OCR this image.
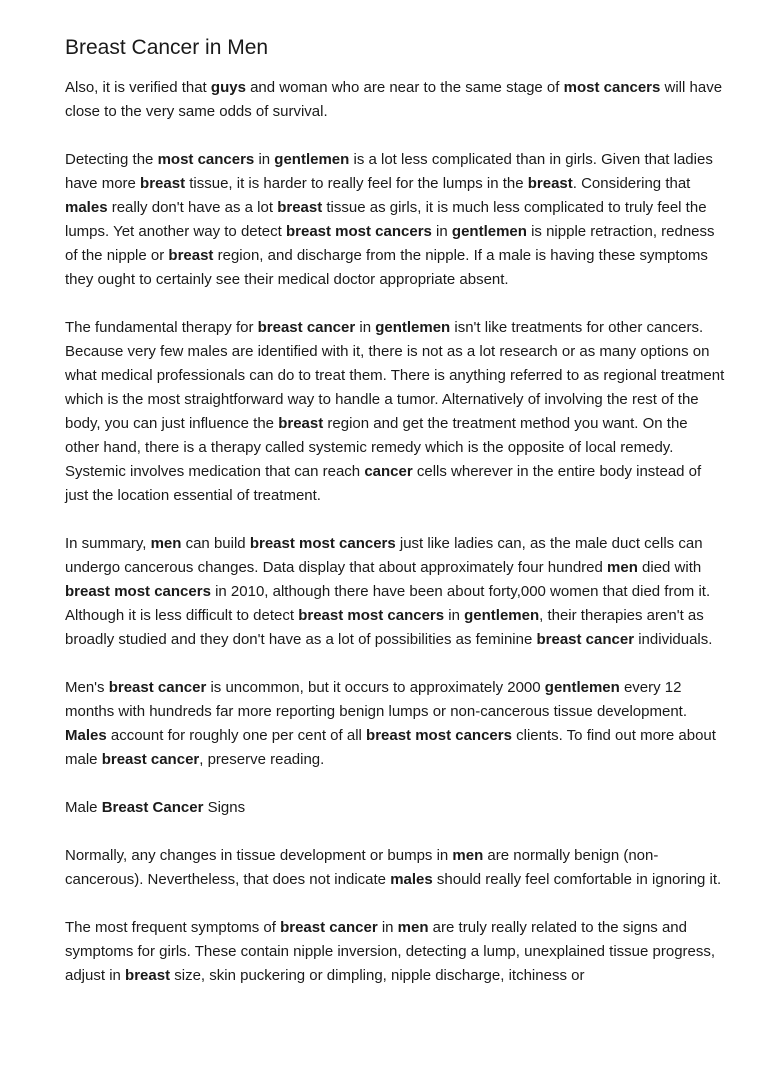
Breast Cancer in Men

Also, it is verified that guys and woman who are near to the same stage of most cancers will have close to the very same odds of survival.

Detecting the most cancers in gentlemen is a lot less complicated than in girls. Given that ladies have more breast tissue, it is harder to really feel for the lumps in the breast. Considering that males really don't have as a lot breast tissue as girls, it is much less complicated to truly feel the lumps. Yet another way to detect breast most cancers in gentlemen is nipple retraction, redness of the nipple or breast region, and discharge from the nipple. If a male is having these symptoms they ought to certainly see their medical doctor appropriate absent.

The fundamental therapy for breast cancer in gentlemen isn't like treatments for other cancers. Because very few males are identified with it, there is not as a lot research or as many options on what medical professionals can do to treat them. There is anything referred to as regional treatment which is the most straightforward way to handle a tumor. Alternatively of involving the rest of the body, you can just influence the breast region and get the treatment method you want. On the other hand, there is a therapy called systemic remedy which is the opposite of local remedy. Systemic involves medication that can reach cancer cells wherever in the entire body instead of just the location essential of treatment.

In summary, men can build breast most cancers just like ladies can, as the male duct cells can undergo cancerous changes. Data display that about approximately four hundred men died with breast most cancers in 2010, although there have been about forty,000 women that died from it. Although it is less difficult to detect breast most cancers in gentlemen, their therapies aren't as broadly studied and they don't have as a lot of possibilities as feminine breast cancer individuals.

Men's breast cancer is uncommon, but it occurs to approximately 2000 gentlemen every 12 months with hundreds far more reporting benign lumps or non-cancerous tissue development. Males account for roughly one per cent of all breast most cancers clients. To find out more about male breast cancer, preserve reading.

Male Breast Cancer Signs

Normally, any changes in tissue development or bumps in men are normally benign (non-cancerous). Nevertheless, that does not indicate males should really feel comfortable in ignoring it.

The most frequent symptoms of breast cancer in men are truly really related to the signs and symptoms for girls. These contain nipple inversion, detecting a lump, unexplained tissue progress, adjust in breast size, skin puckering or dimpling, nipple discharge, itchiness or
